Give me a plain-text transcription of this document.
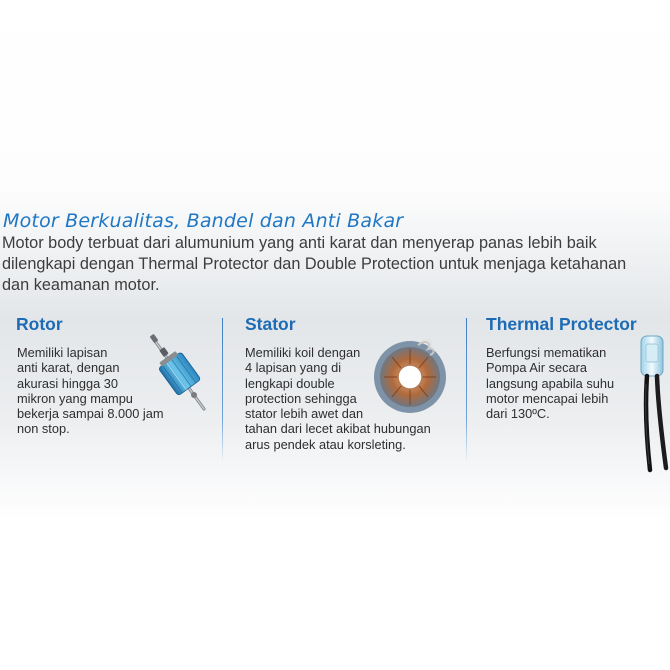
Motor Berkualitas, Bandel dan Anti Bakar

Motor body terbuat dari alumunium yang anti karat dan menyerap panas lebih baik
dilengkapi dengan Thermal Protector dan Double Protection untuk menjaga ketahanan
dan keamanan motor.

Rotor

Memiliki lapisan
anti karat, dengan
akurasi hingga 30
mikron yang mampu
bekerja sampai 8.000 jam
non stop.

Stator

Memiliki koil dengan
4 lapisan yang di
lengkapi double
protection sehingga
stator lebih awet dan
tahan dari lecet akibat hubungan
arus pendek atau korsleting.

Thermal Protector

Berfungsi mematikan
Pompa Air secara
langsung apabila suhu
motor mencapai lebih
dari 130ºC.
